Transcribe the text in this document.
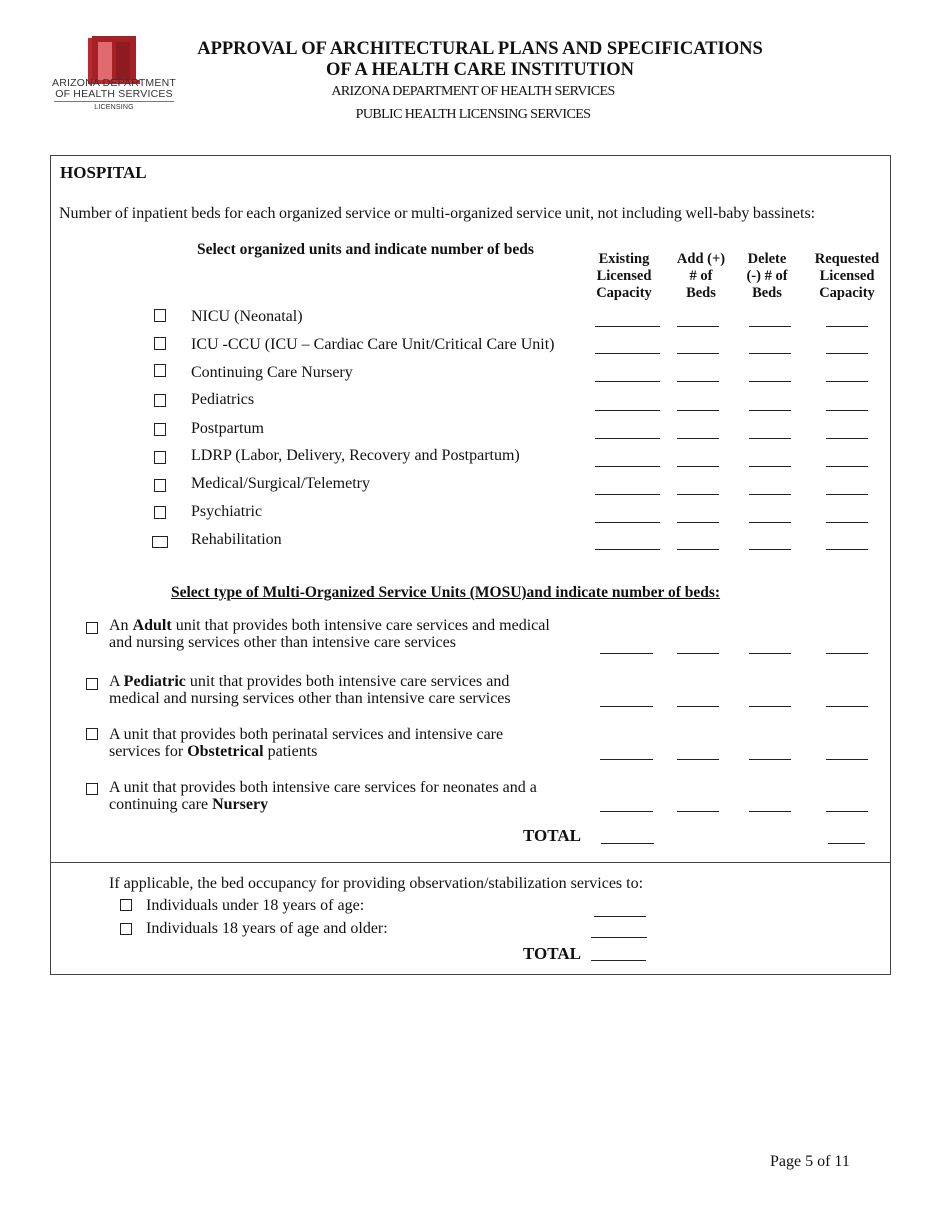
ARIZONA DEPARTMENT
OF HEALTH SERVICES
LICENSING
APPROVAL OF ARCHITECTURAL PLANS AND SPECIFICATIONS
OF A HEALTH CARE INSTITUTION
ARIZONA DEPARTMENT OF HEALTH SERVICES
PUBLIC HEALTH LICENSING SERVICES
HOSPITAL
Number of inpatient beds for each organized service or multi-organized service unit, not including well-baby bassinets:
Select organized units and indicate number of beds
Existing
Licensed
Capacity
Add (+)
# of
Beds
Delete
(-) # of
Beds
Requested
Licensed
Capacity
NICU (Neonatal)
ICU -CCU (ICU – Cardiac Care Unit/Critical Care Unit)
Continuing Care Nursery
Pediatrics
Postpartum
LDRP (Labor, Delivery, Recovery and Postpartum)
Medical/Surgical/Telemetry
Psychiatric
Rehabilitation
Select type of Multi-Organized Service Units (MOSU)and indicate number of beds:
An Adult unit that provides both intensive care services and medical
and nursing services other than intensive care services
A Pediatric unit that provides both intensive care services and
medical and nursing services other than intensive care services
A unit that provides both perinatal services and intensive care
services for Obstetrical patients
A unit that provides both intensive care services for neonates and a
continuing care Nursery
TOTAL
If applicable, the bed occupancy for providing observation/stabilization services to:
Individuals under 18 years of age:
Individuals 18 years of age and older:
TOTAL
Page 5 of 11
